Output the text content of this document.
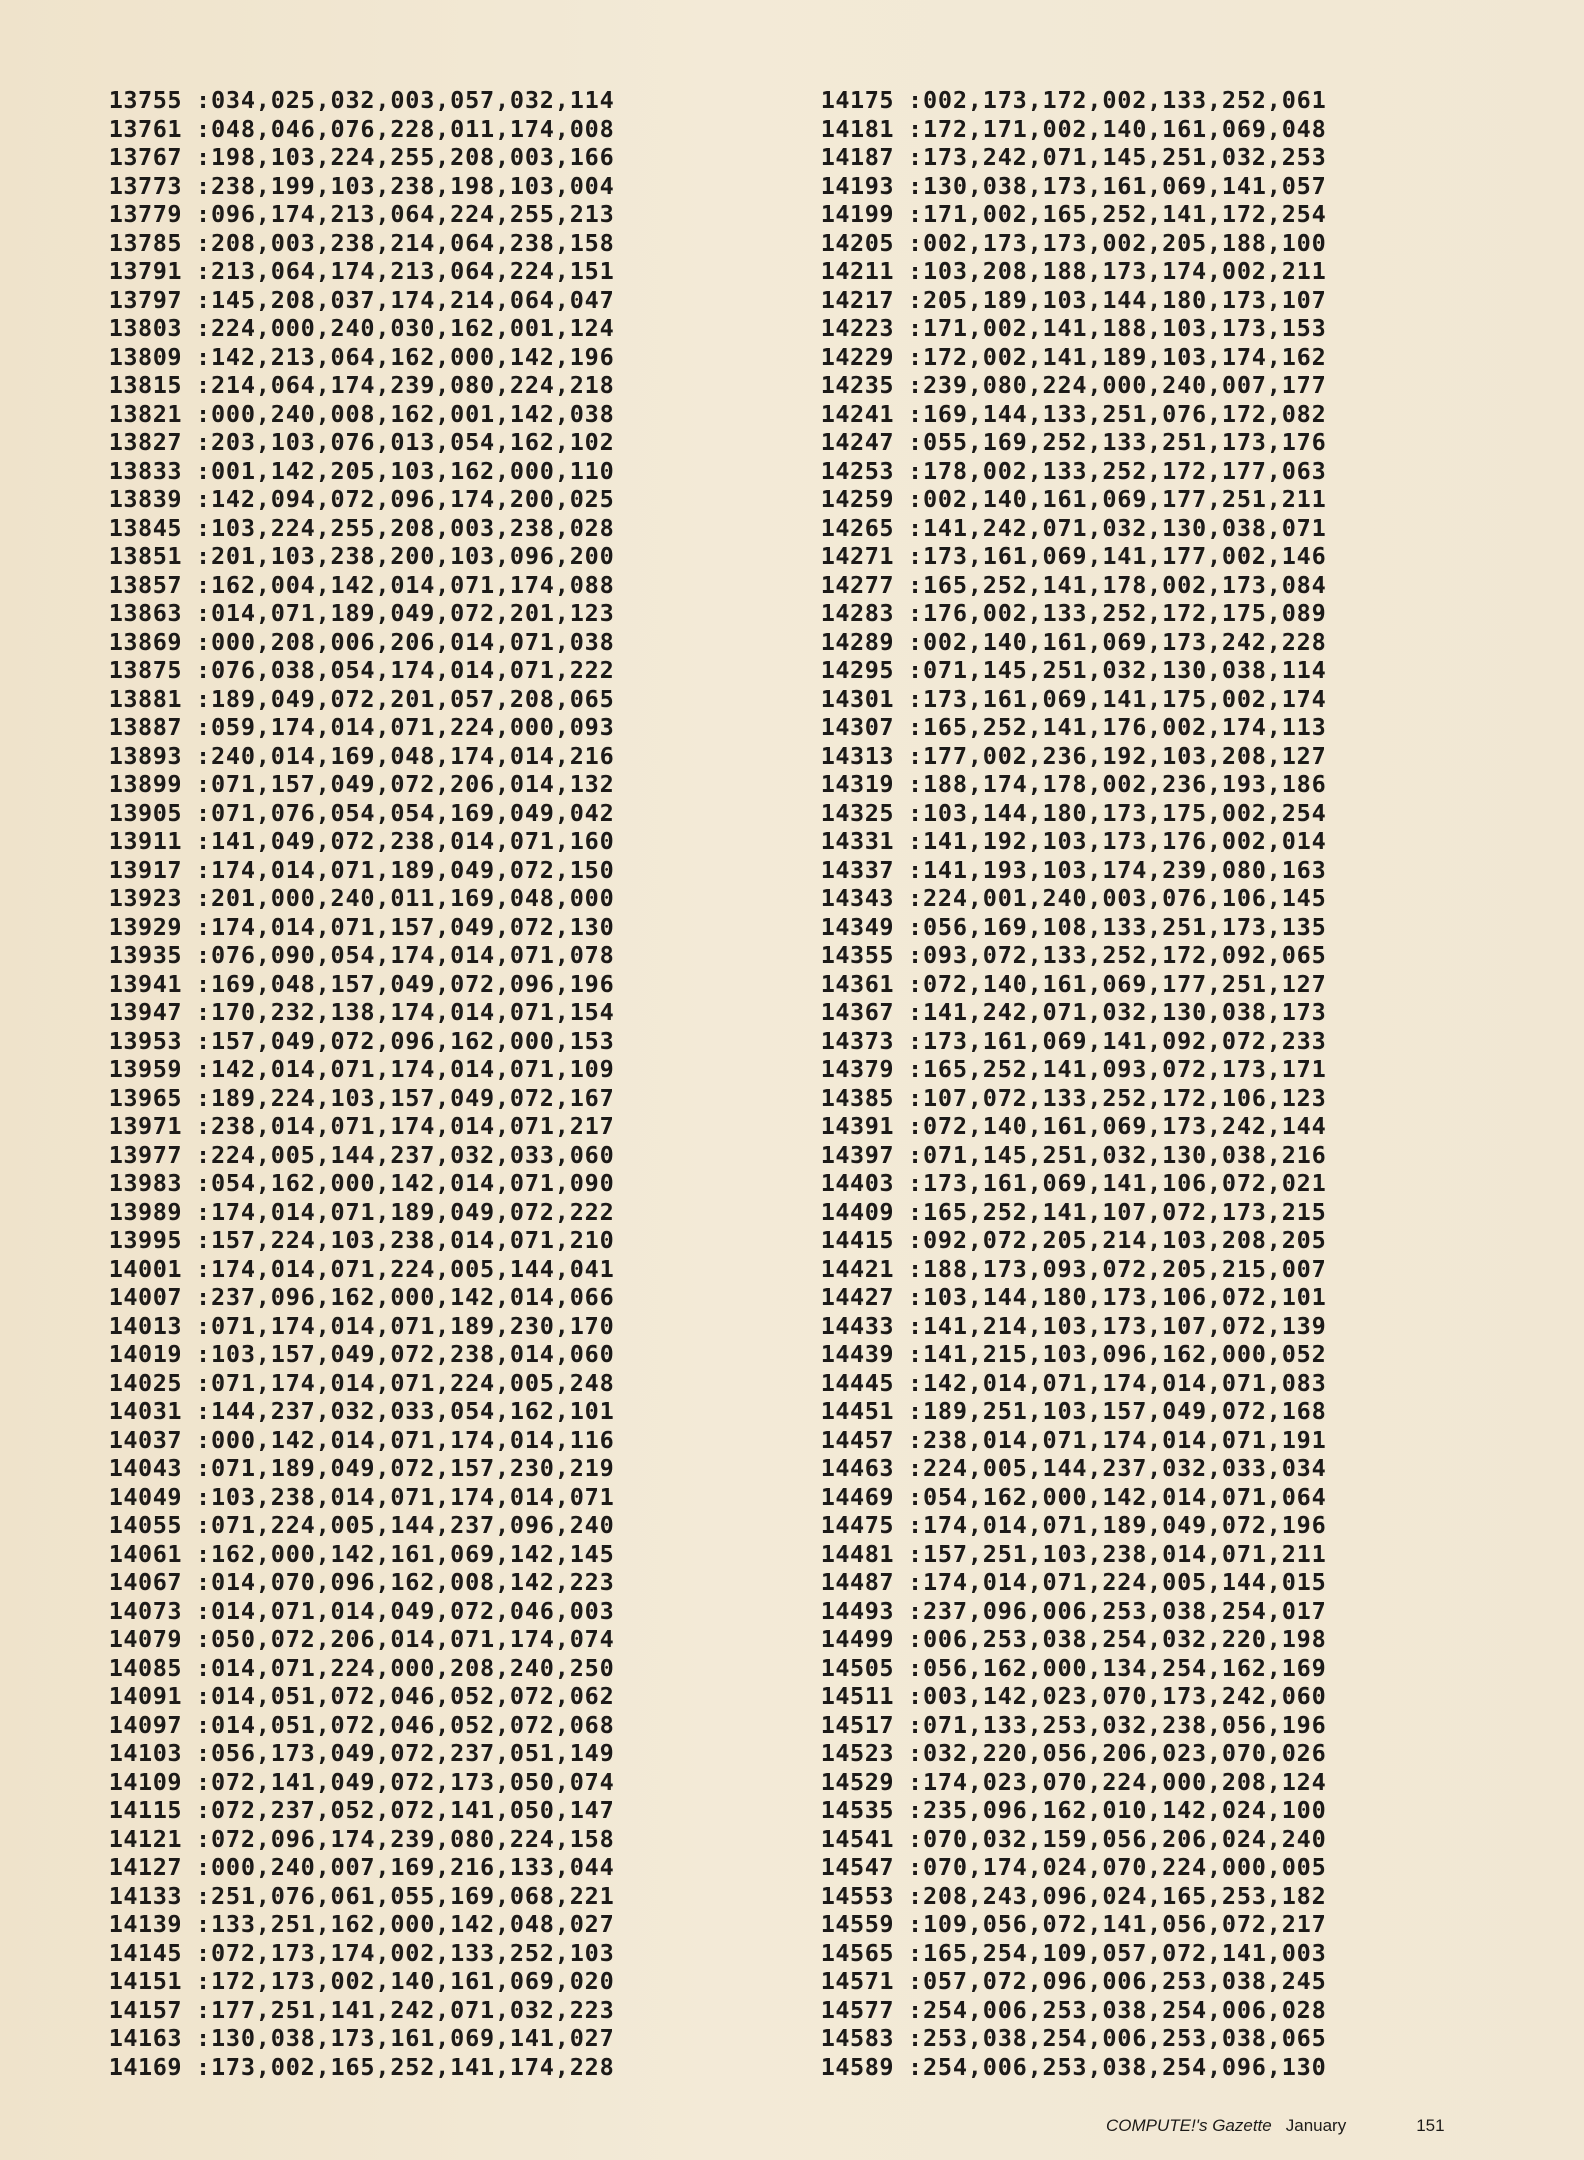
13755 :034,025,032,003,057,032,114
13761 :048,046,076,228,011,174,008
13767 :198,103,224,255,208,003,166
13773 :238,199,103,238,198,103,004
13779 :096,174,213,064,224,255,213
13785 :208,003,238,214,064,238,158
13791 :213,064,174,213,064,224,151
13797 :145,208,037,174,214,064,047
13803 :224,000,240,030,162,001,124
13809 :142,213,064,162,000,142,196
13815 :214,064,174,239,080,224,218
13821 :000,240,008,162,001,142,038
13827 :203,103,076,013,054,162,102
13833 :001,142,205,103,162,000,110
13839 :142,094,072,096,174,200,025
13845 :103,224,255,208,003,238,028
13851 :201,103,238,200,103,096,200
13857 :162,004,142,014,071,174,088
13863 :014,071,189,049,072,201,123
13869 :000,208,006,206,014,071,038
13875 :076,038,054,174,014,071,222
13881 :189,049,072,201,057,208,065
13887 :059,174,014,071,224,000,093
13893 :240,014,169,048,174,014,216
13899 :071,157,049,072,206,014,132
13905 :071,076,054,054,169,049,042
13911 :141,049,072,238,014,071,160
13917 :174,014,071,189,049,072,150
13923 :201,000,240,011,169,048,000
13929 :174,014,071,157,049,072,130
13935 :076,090,054,174,014,071,078
13941 :169,048,157,049,072,096,196
13947 :170,232,138,174,014,071,154
13953 :157,049,072,096,162,000,153
13959 :142,014,071,174,014,071,109
13965 :189,224,103,157,049,072,167
13971 :238,014,071,174,014,071,217
13977 :224,005,144,237,032,033,060
13983 :054,162,000,142,014,071,090
13989 :174,014,071,189,049,072,222
13995 :157,224,103,238,014,071,210
14001 :174,014,071,224,005,144,041
14007 :237,096,162,000,142,014,066
14013 :071,174,014,071,189,230,170
14019 :103,157,049,072,238,014,060
14025 :071,174,014,071,224,005,248
14031 :144,237,032,033,054,162,101
14037 :000,142,014,071,174,014,116
14043 :071,189,049,072,157,230,219
14049 :103,238,014,071,174,014,071
14055 :071,224,005,144,237,096,240
14061 :162,000,142,161,069,142,145
14067 :014,070,096,162,008,142,223
14073 :014,071,014,049,072,046,003
14079 :050,072,206,014,071,174,074
14085 :014,071,224,000,208,240,250
14091 :014,051,072,046,052,072,062
14097 :014,051,072,046,052,072,068
14103 :056,173,049,072,237,051,149
14109 :072,141,049,072,173,050,074
14115 :072,237,052,072,141,050,147
14121 :072,096,174,239,080,224,158
14127 :000,240,007,169,216,133,044
14133 :251,076,061,055,169,068,221
14139 :133,251,162,000,142,048,027
14145 :072,173,174,002,133,252,103
14151 :172,173,002,140,161,069,020
14157 :177,251,141,242,071,032,223
14163 :130,038,173,161,069,141,027
14169 :173,002,165,252,141,174,228
14175 :002,173,172,002,133,252,061
14181 :172,171,002,140,161,069,048
14187 :173,242,071,145,251,032,253
14193 :130,038,173,161,069,141,057
14199 :171,002,165,252,141,172,254
14205 :002,173,173,002,205,188,100
14211 :103,208,188,173,174,002,211
14217 :205,189,103,144,180,173,107
14223 :171,002,141,188,103,173,153
14229 :172,002,141,189,103,174,162
14235 :239,080,224,000,240,007,177
14241 :169,144,133,251,076,172,082
14247 :055,169,252,133,251,173,176
14253 :178,002,133,252,172,177,063
14259 :002,140,161,069,177,251,211
14265 :141,242,071,032,130,038,071
14271 :173,161,069,141,177,002,146
14277 :165,252,141,178,002,173,084
14283 :176,002,133,252,172,175,089
14289 :002,140,161,069,173,242,228
14295 :071,145,251,032,130,038,114
14301 :173,161,069,141,175,002,174
14307 :165,252,141,176,002,174,113
14313 :177,002,236,192,103,208,127
14319 :188,174,178,002,236,193,186
14325 :103,144,180,173,175,002,254
14331 :141,192,103,173,176,002,014
14337 :141,193,103,174,239,080,163
14343 :224,001,240,003,076,106,145
14349 :056,169,108,133,251,173,135
14355 :093,072,133,252,172,092,065
14361 :072,140,161,069,177,251,127
14367 :141,242,071,032,130,038,173
14373 :173,161,069,141,092,072,233
14379 :165,252,141,093,072,173,171
14385 :107,072,133,252,172,106,123
14391 :072,140,161,069,173,242,144
14397 :071,145,251,032,130,038,216
14403 :173,161,069,141,106,072,021
14409 :165,252,141,107,072,173,215
14415 :092,072,205,214,103,208,205
14421 :188,173,093,072,205,215,007
14427 :103,144,180,173,106,072,101
14433 :141,214,103,173,107,072,139
14439 :141,215,103,096,162,000,052
14445 :142,014,071,174,014,071,083
14451 :189,251,103,157,049,072,168
14457 :238,014,071,174,014,071,191
14463 :224,005,144,237,032,033,034
14469 :054,162,000,142,014,071,064
14475 :174,014,071,189,049,072,196
14481 :157,251,103,238,014,071,211
14487 :174,014,071,224,005,144,015
14493 :237,096,006,253,038,254,017
14499 :006,253,038,254,032,220,198
14505 :056,162,000,134,254,162,169
14511 :003,142,023,070,173,242,060
14517 :071,133,253,032,238,056,196
14523 :032,220,056,206,023,070,026
14529 :174,023,070,224,000,208,124
14535 :235,096,162,010,142,024,100
14541 :070,032,159,056,206,024,240
14547 :070,174,024,070,224,000,005
14553 :208,243,096,024,165,253,182
14559 :109,056,072,141,056,072,217
14565 :165,254,109,057,072,141,003
14571 :057,072,096,006,253,038,245
14577 :254,006,253,038,254,006,028
14583 :253,038,254,006,253,038,065
14589 :254,006,253,038,254,096,130
COMPUTE!'s Gazette January	151
